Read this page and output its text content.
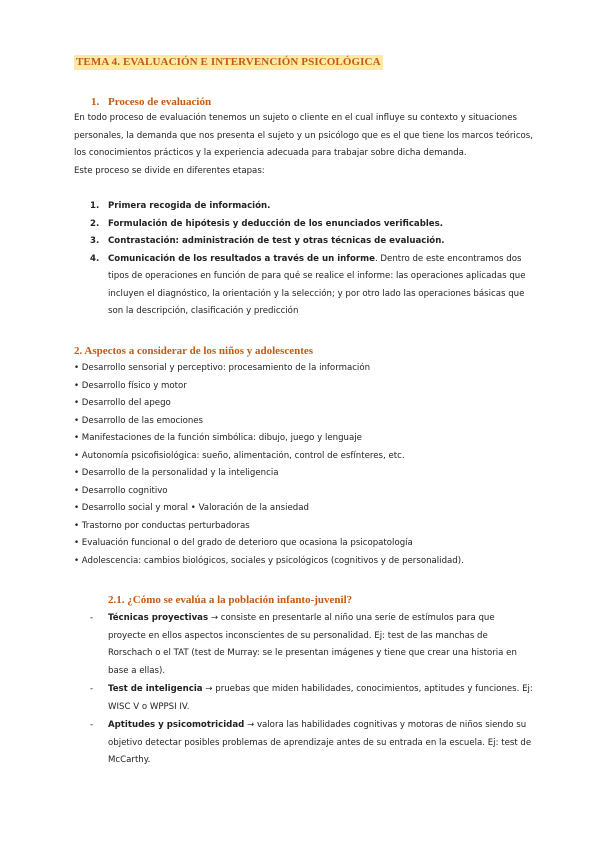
TEMA 4. EVALUACIÓN E INTERVENCIÓN PSICOLÓGICA
1. Proceso de evaluación

En todo proceso de evaluación tenemos un sujeto o cliente en el cual influye su contexto y situaciones personales, la demanda que nos presenta el sujeto y un psicólogo que es el que tiene los marcos teóricos, los conocimientos prácticos y la experiencia adecuada para trabajar sobre dicha demanda.

Este proceso se divide en diferentes etapas:

1. Primera recogida de información.
2. Formulación de hipótesis y deducción de los enunciados verificables.
3. Contrastación: administración de test y otras técnicas de evaluación.
4. Comunicación de los resultados a través de un informe. Dentro de este encontramos dos tipos de operaciones en función de para qué se realice el informe: las operaciones aplicadas que incluyen el diagnóstico, la orientación y la selección; y por otro lado las operaciones básicas que son la descripción, clasificación y predicción
2. Aspectos a considerar de los niños y adolescentes
• Desarrollo sensorial y perceptivo: procesamiento de la información
• Desarrollo físico y motor
• Desarrollo del apego
• Desarrollo de las emociones
• Manifestaciones de la función simbólica: dibujo, juego y lenguaje
• Autonomía psicofisiológica: sueño, alimentación, control de esfínteres, etc.
• Desarrollo de la personalidad y la inteligencia
• Desarrollo cognitivo
• Desarrollo social y moral • Valoración de la ansiedad
• Trastorno por conductas perturbadoras
• Evaluación funcional o del grado de deterioro que ocasiona la psicopatología
• Adolescencia: cambios biológicos, sociales y psicológicos (cognitivos y de personalidad).
2.1. ¿Cómo se evalúa a la población infanto-juvenil?
- Técnicas proyectivas → consiste en presentarle al niño una serie de estímulos para que proyecte en ellos aspectos inconscientes de su personalidad. Ej: test de las manchas de Rorschach o el TAT (test de Murray: se le presentan imágenes y tiene que crear una historia en base a ellas).
- Test de inteligencia → pruebas que miden habilidades, conocimientos, aptitudes y funciones. Ej: WISC V o WPPSI IV.
- Aptitudes y psicomotricidad → valora las habilidades cognitivas y motoras de niños siendo su objetivo detectar posibles problemas de aprendizaje antes de su entrada en la escuela. Ej: test de McCarthy.
